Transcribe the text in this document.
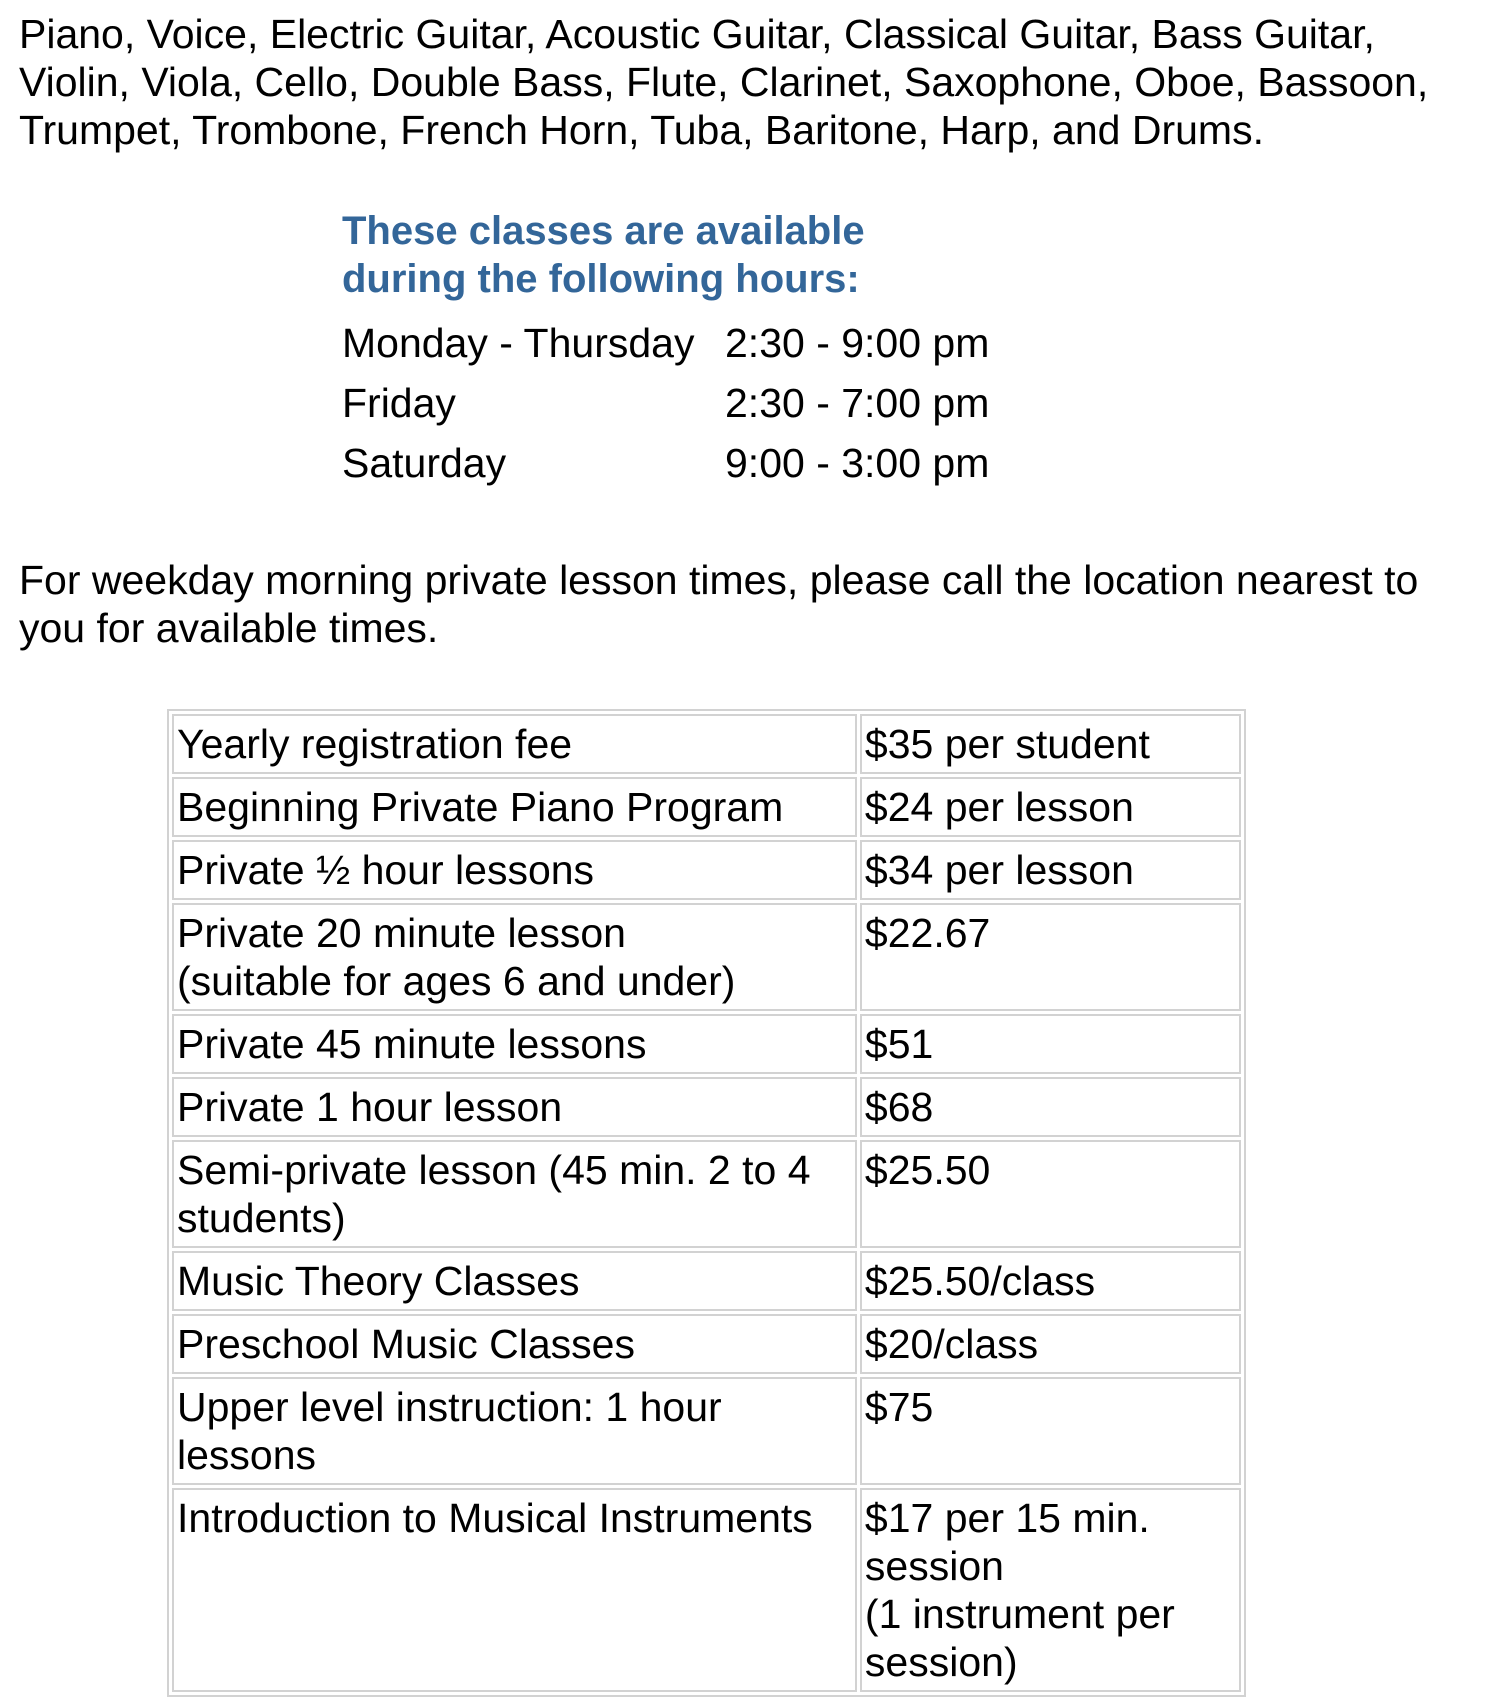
Piano, Voice, Electric Guitar, Acoustic Guitar, Classical Guitar, Bass Guitar, Violin, Viola, Cello, Double Bass, Flute, Clarinet, Saxophone, Oboe, Bassoon, Trumpet, Trombone, French Horn, Tuba, Baritone, Harp, and Drums.

These classes are available
during the following hours:

Monday - Thursday	2:30 - 9:00 pm
Friday	2:30 - 7:00 pm
Saturday	9:00 - 3:00 pm

For weekday morning private lesson times, please call the location nearest to you for available times.

Yearly registration fee	$35 per student
Beginning Private Piano Program	$24 per lesson
Private ½ hour lessons	$34 per lesson
Private 20 minute lesson
(suitable for ages 6 and under)	$22.67
Private 45 minute lessons	$51
Private 1 hour lesson	$68
Semi-private lesson (45 min. 2 to 4
students)	$25.50
Music Theory Classes	$25.50/class
Preschool Music Classes	$20/class
Upper level instruction: 1 hour
lessons	$75
Introduction to Musical Instruments	$17 per 15 min.
session
(1 instrument per
session)
